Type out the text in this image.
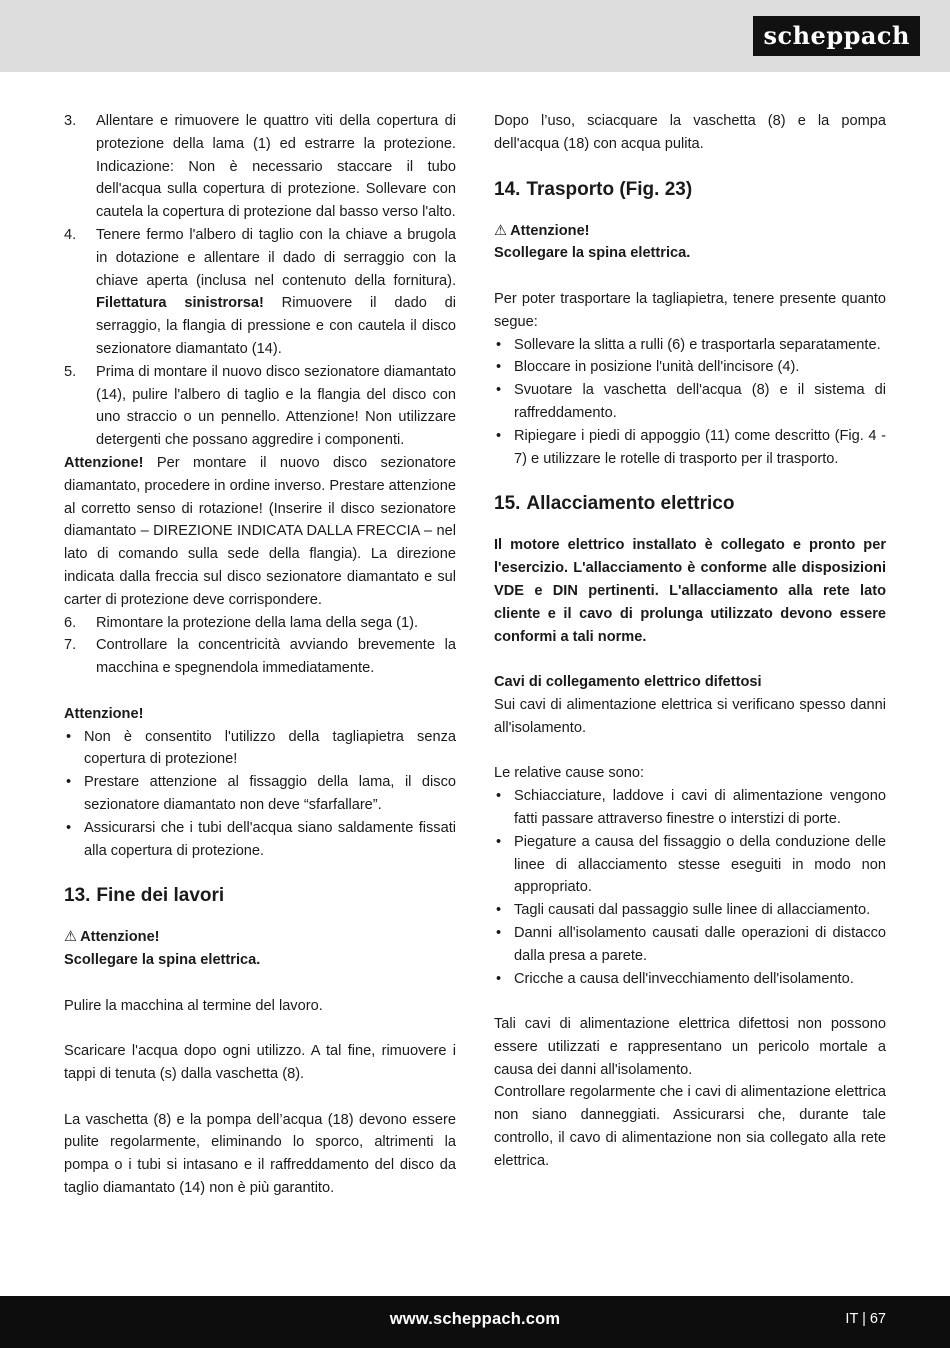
scheppach
3. Allentare e rimuovere le quattro viti della copertura di protezione della lama (1) ed estrarre la protezione. Indicazione: Non è necessario staccare il tubo dell'acqua sulla copertura di protezione. Sollevare con cautela la copertura di protezione dal basso verso l'alto.
4. Tenere fermo l'albero di taglio con la chiave a brugola in dotazione e allentare il dado di serraggio con la chiave aperta (inclusa nel contenuto della fornitura). Filettatura sinistrorsa! Rimuovere il dado di serraggio, la flangia di pressione e con cautela il disco sezionatore diamantato (14).
5. Prima di montare il nuovo disco sezionatore diamantato (14), pulire l'albero di taglio e la flangia del disco con uno straccio o un pennello. Attenzione! Non utilizzare detergenti che possano aggredire i componenti.

Attenzione! Per montare il nuovo disco sezionatore diamantato, procedere in ordine inverso. Prestare attenzione al corretto senso di rotazione! (Inserire il disco sezionatore diamantato – DIREZIONE INDICATA DALLA FRECCIA – nel lato di comando sulla sede della flangia). La direzione indicata dalla freccia sul disco sezionatore diamantato e sul carter di protezione deve corrispondere.

6. Rimontare la protezione della lama della sega (1).
7. Controllare la concentricità avviando brevemente la macchina e spegnendola immediatamente.

Attenzione!

• Non è consentito l'utilizzo della tagliapietra senza copertura di protezione!
• Prestare attenzione al fissaggio della lama, il disco sezionatore diamantato non deve “sfarfallare”.
• Assicurarsi che i tubi dell'acqua siano saldamente fissati alla copertura di protezione.
13. Fine dei lavori

⚠ Attenzione!

Scollegare la spina elettrica.

Pulire la macchina al termine del lavoro.

Scaricare l'acqua dopo ogni utilizzo. A tal fine, rimuovere i tappi di tenuta (s) dalla vaschetta (8).

La vaschetta (8) e la pompa dell’acqua (18) devono essere pulite regolarmente, eliminando lo sporco, altrimenti la pompa o i tubi si intasano e il raffreddamento del disco da taglio diamantato (14) non è più garantito.

Dopo l’uso, sciacquare la vaschetta (8) e la pompa dell'acqua (18) con acqua pulita.

14. Trasporto (Fig. 23)

⚠ Attenzione!

Scollegare la spina elettrica.

Per poter trasportare la tagliapietra, tenere presente quanto segue:

• Sollevare la slitta a rulli (6) e trasportarla separatamente.
• Bloccare in posizione l'unità dell'incisore (4).
• Svuotare la vaschetta dell'acqua (8) e il sistema di raffreddamento.
• Ripiegare i piedi di appoggio (11) come descritto (Fig. 4 - 7) e utilizzare le rotelle di trasporto per il trasporto.
15. Allacciamento elettrico

Il motore elettrico installato è collegato e pronto per l'esercizio. L'allacciamento è conforme alle disposizioni VDE e DIN pertinenti. L'allacciamento alla rete lato cliente e il cavo di prolunga utilizzato devono essere conformi a tali norme.

Cavi di collegamento elettrico difettosi

Sui cavi di alimentazione elettrica si verificano spesso danni all'isolamento.

Le relative cause sono:

• Schiacciature, laddove i cavi di alimentazione vengono fatti passare attraverso finestre o interstizi di porte.
• Piegature a causa del fissaggio o della conduzione delle linee di allacciamento stesse eseguiti in modo non appropriato.
• Tagli causati dal passaggio sulle linee di allacciamento.
• Danni all'isolamento causati dalle operazioni di distacco dalla presa a parete.
• Cricche a causa dell'invecchiamento dell'isolamento.

Tali cavi di alimentazione elettrica difettosi non possono essere utilizzati e rappresentano un pericolo mortale a causa dei danni all'isolamento.

Controllare regolarmente che i cavi di alimentazione elettrica non siano danneggiati. Assicurarsi che, durante tale controllo, il cavo di alimentazione non sia collegato alla rete elettrica.

www.scheppach.com	IT | 67
